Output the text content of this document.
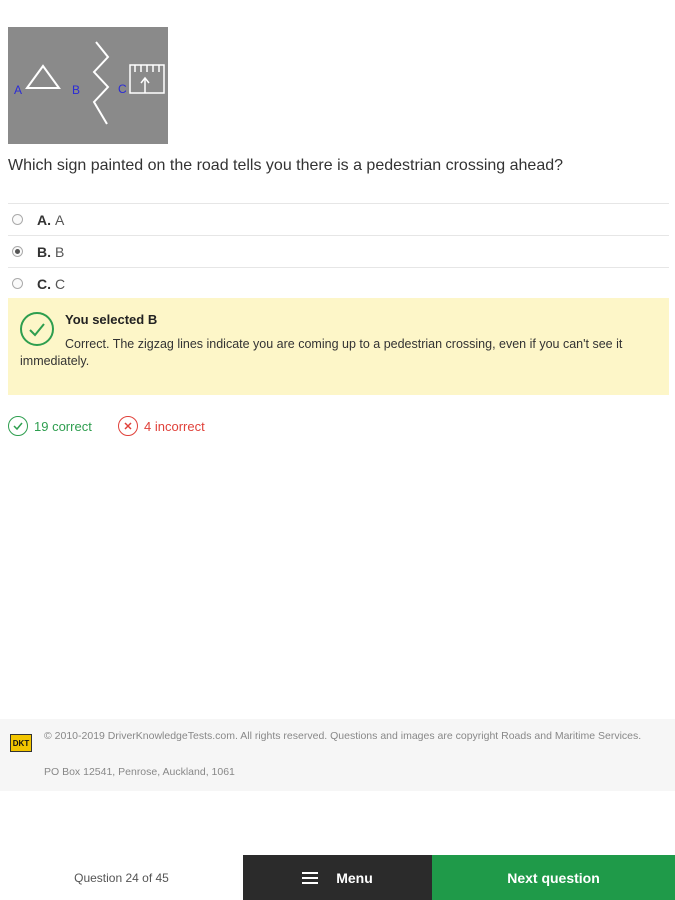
A	B	C
Which sign painted on the road tells you there is a pedestrian crossing ahead?
A. A
B. B
C. C
You selected B
Correct. The zigzag lines indicate you are coming up to a pedestrian crossing, even if you can't see it immediately.
19 correct	4 incorrect
DKT
© 2010-2019 DriverKnowledgeTests.com. All rights reserved. Questions and images are copyright Roads and Maritime Services.
PO Box 12541, Penrose, Auckland, 1061
Question 24 of 45	Menu	Next question
